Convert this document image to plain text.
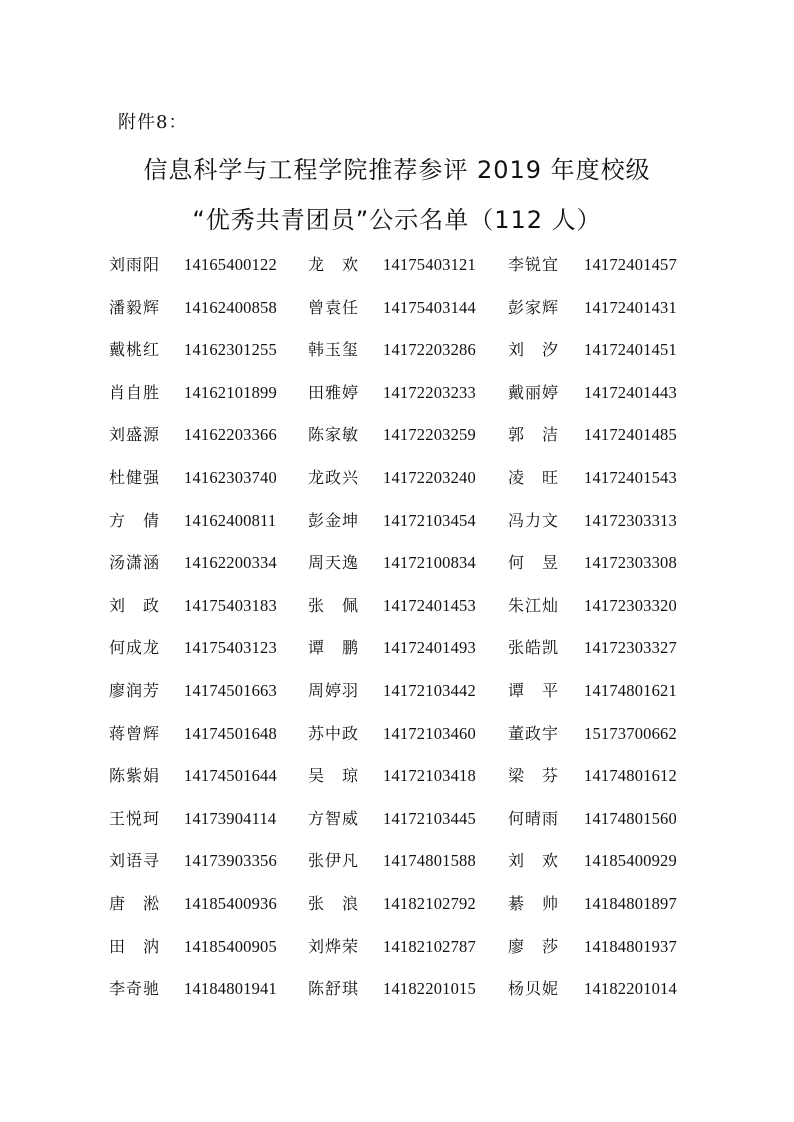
附件8：
信息科学与工程学院推荐参评 2019 年度校级
“优秀共青团员”公示名单（112 人）
刘雨阳 14165400122 龙 欢 14175403121 李锐宜 14172401457
潘毅辉 14162400858 曾袁任 14175403144 彭家辉 14172401431
戴桃红 14162301255 韩玉玺 14172203286 刘 汐 14172401451
肖自胜 14162101899 田雅婷 14172203233 戴丽婷 14172401443
刘盛源 14162203366 陈家敏 14172203259 郭 洁 14172401485
杜健强 14162303740 龙政兴 14172203240 凌 旺 14172401543
方 倩 14162400811 彭金坤 14172103454 冯力文 14172303313
汤潇涵 14162200334 周天逸 14172100834 何 昱 14172303308
刘 政 14175403183 张 佩 14172401453 朱江灿 14172303320
何成龙 14175403123 谭 鹏 14172401493 张皓凯 14172303327
廖润芳 14174501663 周婷羽 14172103442 谭 平 14174801621
蒋曾辉 14174501648 苏中政 14172103460 董政宇 15173700662
陈紫娟 14174501644 吴 琼 14172103418 梁 芬 14174801612
王悦珂 14173904114 方智威 14172103445 何晴雨 14174801560
刘语寻 14173903356 张伊凡 14174801588 刘 欢 14185400929
唐 淞 14185400936 张 浪 14182102792 綦 帅 14184801897
田 汭 14185400905 刘烨荣 14182102787 廖 莎 14184801937
李奇驰 14184801941 陈舒琪 14182201015 杨贝妮 14182201014
